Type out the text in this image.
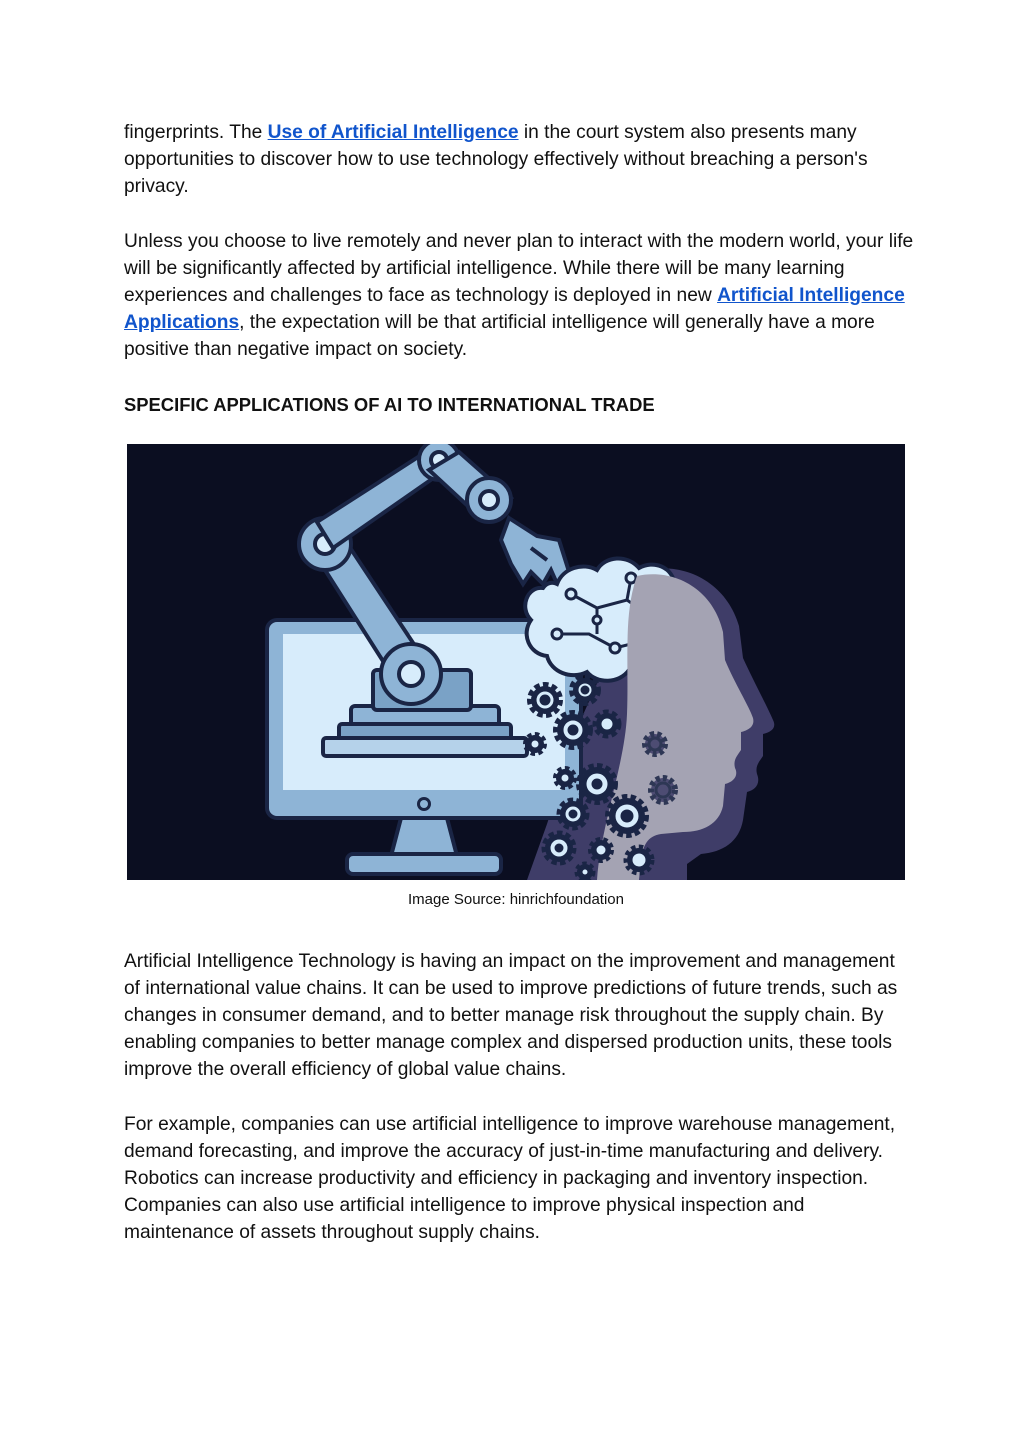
fingerprints. The Use of Artificial Intelligence in the court system also presents many opportunities to discover how to use technology effectively without breaching a person's privacy.

Unless you choose to live remotely and never plan to interact with the modern world, your life will be significantly affected by artificial intelligence. While there will be many learning experiences and challenges to face as technology is deployed in new Artificial Intelligence Applications, the expectation will be that artificial intelligence will generally have a more positive than negative impact on society.

SPECIFIC APPLICATIONS OF AI TO INTERNATIONAL TRADE
Image Source: hinrichfoundation

Artificial Intelligence Technology is having an impact on the improvement and management of international value chains. It can be used to improve predictions of future trends, such as changes in consumer demand, and to better manage risk throughout the supply chain. By enabling companies to better manage complex and dispersed production units, these tools improve the overall efficiency of global value chains.

For example, companies can use artificial intelligence to improve warehouse management, demand forecasting, and improve the accuracy of just-in-time manufacturing and delivery. Robotics can increase productivity and efficiency in packaging and inventory inspection. Companies can also use artificial intelligence to improve physical inspection and maintenance of assets throughout supply chains.
